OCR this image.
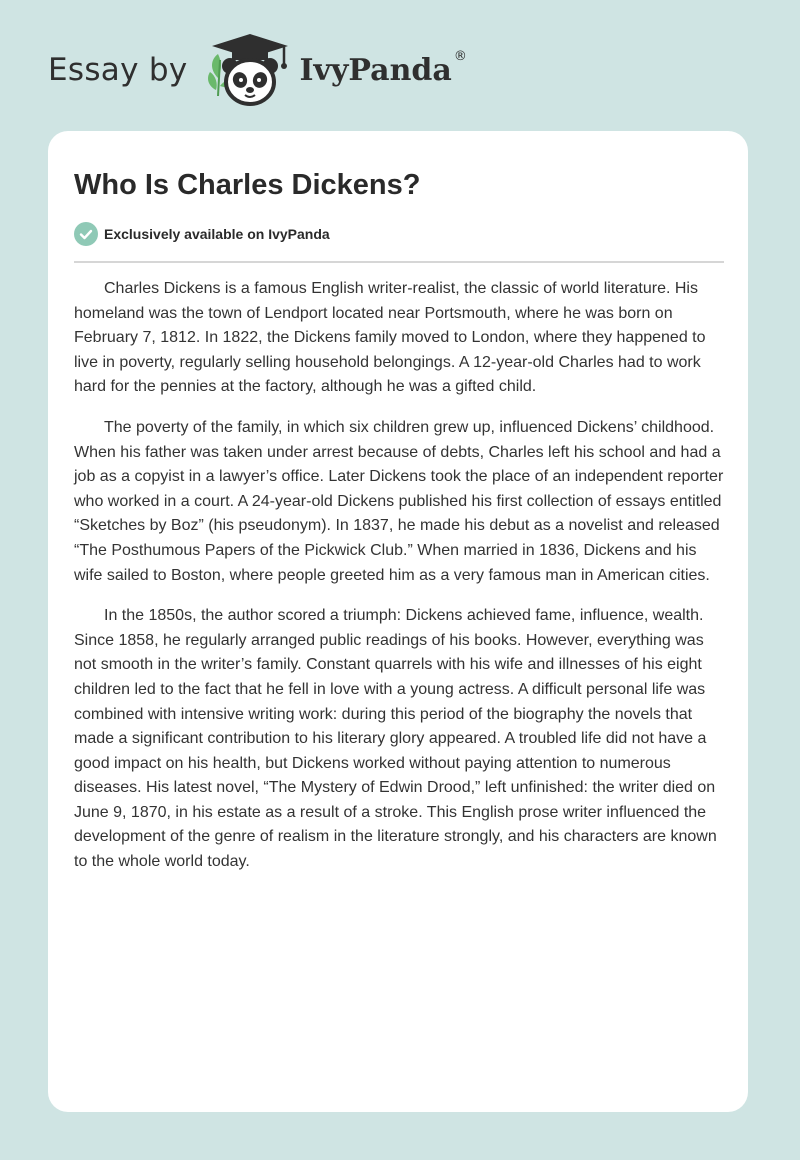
Essay by	IvyPanda ®
Who Is Charles Dickens?
Exclusively available on IvyPanda

Charles Dickens is a famous English writer-realist, the classic of world literature. His homeland was the town of Lendport located near Portsmouth, where he was born on February 7, 1812. In 1822, the Dickens family moved to London, where they happened to live in poverty, regularly selling household belongings. A 12-year-old Charles had to work hard for the pennies at the factory, although he was a gifted child.

The poverty of the family, in which six children grew up, influenced Dickens’ childhood. When his father was taken under arrest because of debts, Charles left his school and had a job as a copyist in a lawyer’s office. Later Dickens took the place of an independent reporter who worked in a court. A 24-year-old Dickens published his first collection of essays entitled “Sketches by Boz” (his pseudonym). In 1837, he made his debut as a novelist and released “The Posthumous Papers of the Pickwick Club.” When married in 1836, Dickens and his wife sailed to Boston, where people greeted him as a very famous man in American cities.

In the 1850s, the author scored a triumph: Dickens achieved fame, influence, wealth. Since 1858, he regularly arranged public readings of his books. However, everything was not smooth in the writer’s family. Constant quarrels with his wife and illnesses of his eight children led to the fact that he fell in love with a young actress. A difficult personal life was combined with intensive writing work: during this period of the biography the novels that made a significant contribution to his literary glory appeared. A troubled life did not have a good impact on his health, but Dickens worked without paying attention to numerous diseases. His latest novel, “The Mystery of Edwin Drood,” left unfinished: the writer died on June 9, 1870, in his estate as a result of a stroke. This English prose writer influenced the development of the genre of realism in the literature strongly, and his characters are known to the whole world today.
